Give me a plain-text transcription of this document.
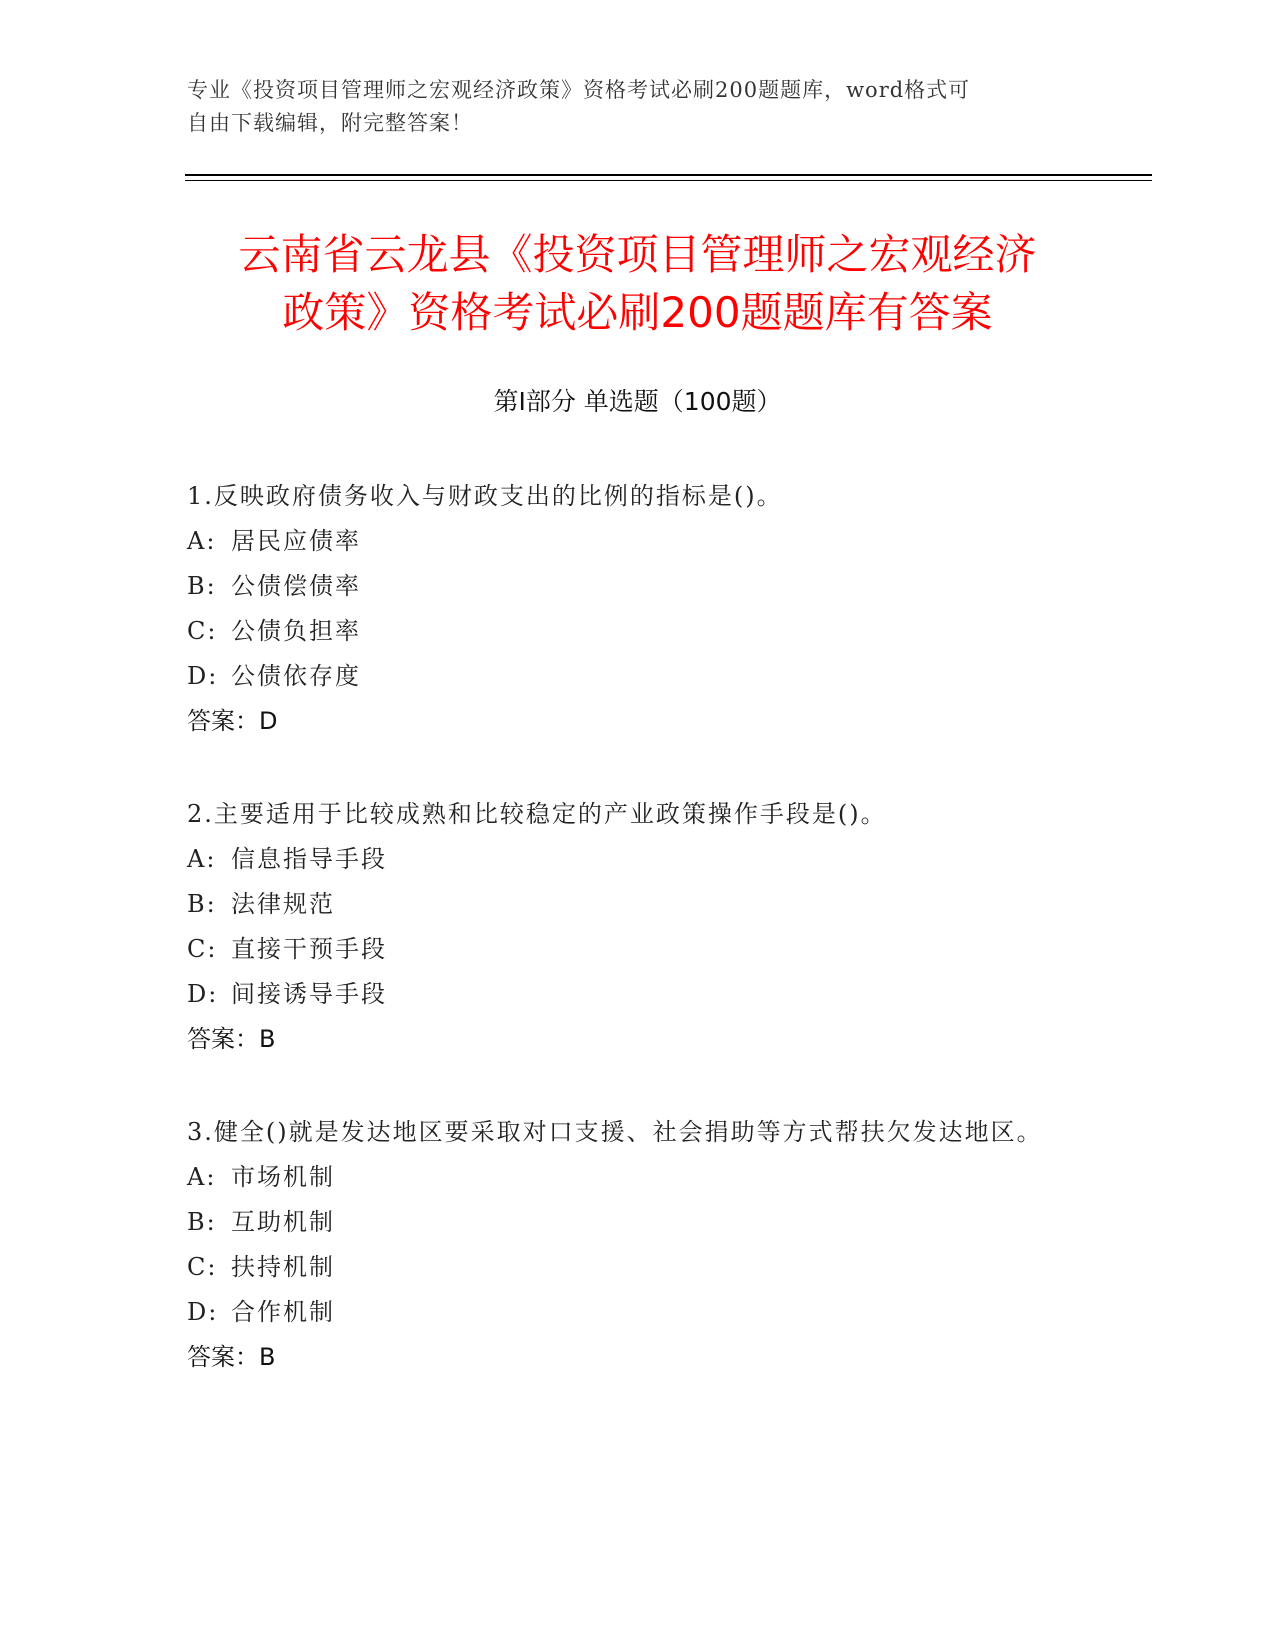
专业《投资项目管理师之宏观经济政策》资格考试必刷200题题库，word格式可
自由下载编辑，附完整答案！

云南省云龙县《投资项目管理师之宏观经济
政策》资格考试必刷200题题库有答案
第Ⅰ部分 单选题（100题）

1.反映政府债务收入与财政支出的比例的指标是()。

A: 居民应债率

B: 公债偿债率

C: 公债负担率

D: 公债依存度

答案：D

2.主要适用于比较成熟和比较稳定的产业政策操作手段是()。

A: 信息指导手段

B: 法律规范

C: 直接干预手段

D: 间接诱导手段

答案：B

3.健全()就是发达地区要采取对口支援、社会捐助等方式帮扶欠发达地区。

A: 市场机制

B: 互助机制

C: 扶持机制

D: 合作机制

答案：B
